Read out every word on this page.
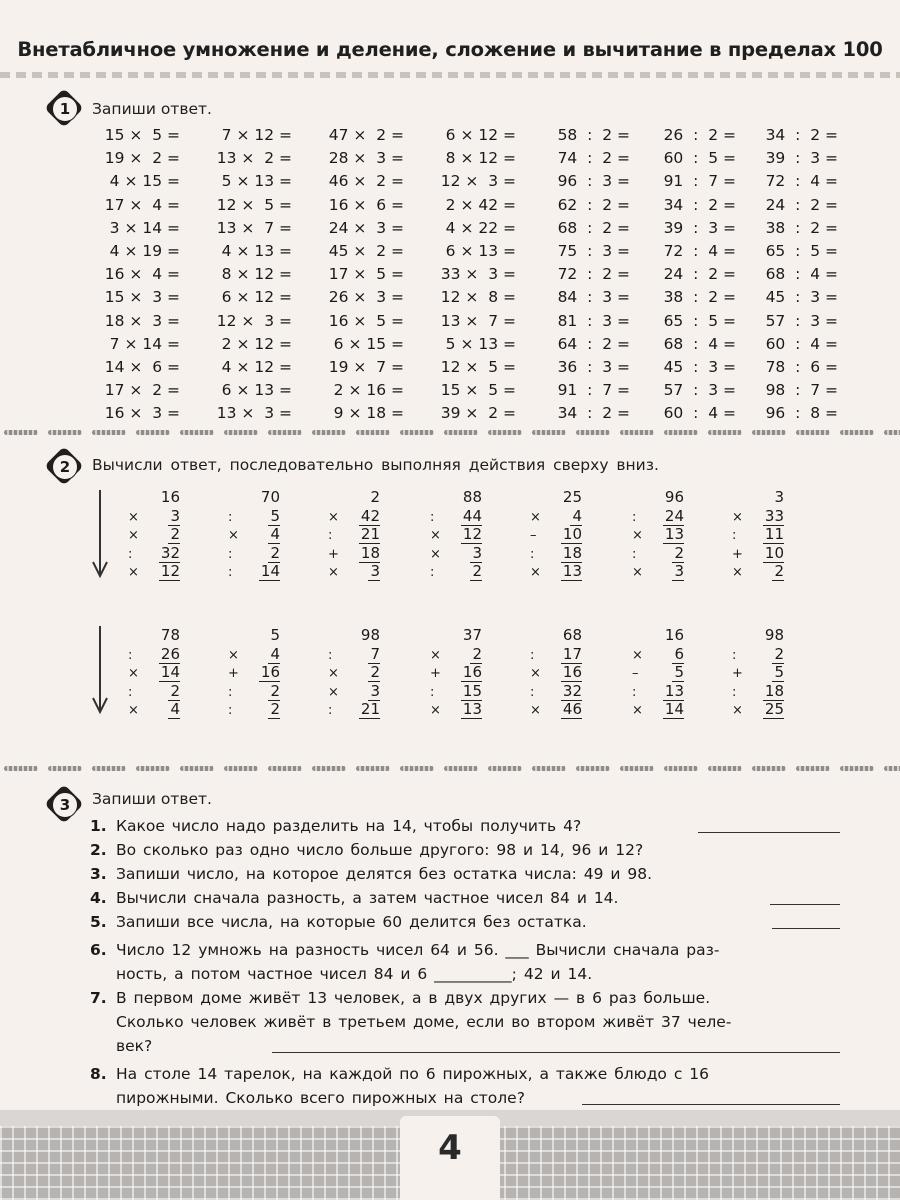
Внетабличное умножение и деление, сложение и вычитание в пределах 100
1	Запиши ответ.
15 ×  5 =	7 × 12 =	47 ×  2 =	6 × 12 =	58  :  2 =	26  :  2 =	34  :  2 =
19 ×  2 =	13 ×  2 =	28 ×  3 =	8 × 12 =	74  :  2 =	60  :  5 =	39  :  3 =
4 × 15 =	5 × 13 =	46 ×  2 =	12 ×  3 =	96  :  3 =	91  :  7 =	72  :  4 =
17 ×  4 =	12 ×  5 =	16 ×  6 =	2 × 42 =	62  :  2 =	34  :  2 =	24  :  2 =
3 × 14 =	13 ×  7 =	24 ×  3 =	4 × 22 =	68  :  2 =	39  :  3 =	38  :  2 =
4 × 19 =	4 × 13 =	45 ×  2 =	6 × 13 =	75  :  3 =	72  :  4 =	65  :  5 =
16 ×  4 =	8 × 12 =	17 ×  5 =	33 ×  3 =	72  :  2 =	24  :  2 =	68  :  4 =
15 ×  3 =	6 × 12 =	26 ×  3 =	12 ×  8 =	84  :  3 =	38  :  2 =	45  :  3 =
18 ×  3 =	12 ×  3 =	16 ×  5 =	13 ×  7 =	81  :  3 =	65  :  5 =	57  :  3 =
7 × 14 =	2 × 12 =	6 × 15 =	5 × 13 =	64  :  2 =	68  :  4 =	60  :  4 =
14 ×  6 =	4 × 12 =	19 ×  7 =	12 ×  5 =	36  :  3 =	45  :  3 =	78  :  6 =
17 ×  2 =	6 × 13 =	2 × 16 =	15 ×  5 =	91  :  7 =	57  :  3 =	98  :  7 =
16 ×  3 =	13 ×  3 =	9 × 18 =	39 ×  2 =	34  :  2 =	60  :  4 =	96  :  8 =
2	Вычисли ответ, последовательно выполняя действия сверху вниз.
16
× 3
× 2
: 32
× 12
70
:	5
× 4
:	2
: 14
2
× 42
: 21
+ 18
× 3
88
: 44
× 12
× 3
:	2
25
× 4
– 10
: 18
× 13
96
: 24
× 13
:	2
× 3
3
× 33
: 11
+ 10
× 2
78
: 26
× 14
:	2
× 4
5
× 4
+ 16
:	2
:	2
98
:	7
× 2
× 3
: 21
37
× 2
+ 16
: 15
× 13
68
: 17
× 16
: 32
× 46
16
× 6
– 5
: 13
× 14
98
:	2
+ 5
: 18
× 25
3	Запиши ответ.
1. Какое число надо разделить на 14, чтобы получить 4?
2. Во сколько раз одно число больше другого: 98 и 14, 96 и 12?
3. Запиши число, на которое делятся без остатка числа: 49 и 98.
4. Вычисли сначала разность, а затем частное чисел 84 и 14.
5. Запиши все числа, на которые 60 делится без остатка.
6. Число 12 умножь на разность чисел 64 и 56. ___ Вычисли сначала раз-
ность, а потом частное чисел 84 и 6 __________; 42 и 14.
7. В первом доме живёт 13 человек, а в двух других — в 6 раз больше.
Сколько человек живёт в третьем доме, если во втором живёт 37 челе-
век?
8. На столе 14 тарелок, на каждой по 6 пирожных, а также блюдо с 16
пирожными. Сколько всего пирожных на столе?
4
